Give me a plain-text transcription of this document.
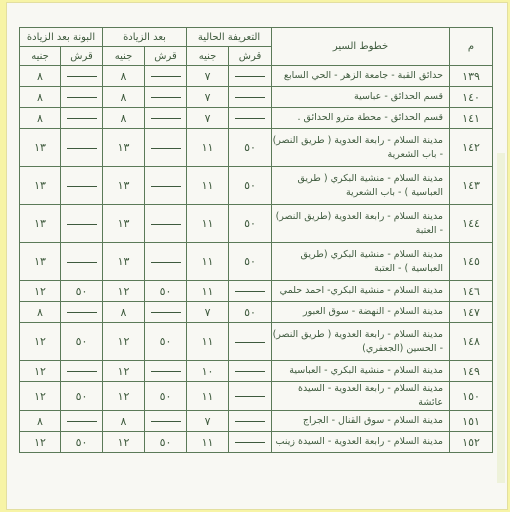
م	خطوط السير	التعريفة الحالية		بعد الزيادة		البونة بعد الزيادة	
		قرش	جنيه	قرش	جنيه	قرش	جنيه
١٣٩	حدائق القبة - جامعة الزهر - الحي السابع		٧		٨		٨
١٤٠	قسم الحدائق - عباسية		٧		٨		٨
١٤١	قسم الحدائق - محطة مترو الحدائق .		٧		٨		٨
١٤٢	مدينة السلام - رابعة العدوية ( طريق النصر) - باب الشعرية	٥٠	١١		١٣		١٣
١٤٣	مدينة السلام - منشية البكري ( طريق العباسية ) - باب الشعرية	٥٠	١١		١٣		١٣
١٤٤	مدينة السلام - رابعة العدوية (طريق النصر) - العتبة	٥٠	١١		١٣		١٣
١٤٥	مدينة السلام - منشية البكري (طريق العباسية ) - العتبة	٥٠	١١		١٣		١٣
١٤٦	مدينة السلام - منشية البكري- احمد حلمي		١١	٥٠	١٢	٥٠	١٢
١٤٧	مدينة السلام - النهضة - سوق العبور	٥٠	٧		٨		٨
١٤٨	مدينة السلام - رابعة العدوية ( طريق النصر) - الحسين (الجعفري)		١١	٥٠	١٢	٥٠	١٢
١٤٩	مدينة السلام - منشية البكري - العباسية		١٠		١٢		١٢
١٥٠	مدينة السلام - رابعة العدوية - السيدة عائشة		١١	٥٠	١٢	٥٠	١٢
١٥١	مدينة السلام - سوق القنال - الجراج		٧		٨		٨
١٥٢	مدينة السلام - رابعة العدوية - السيدة زينب		١١	٥٠	١٢	٥٠	١٢
